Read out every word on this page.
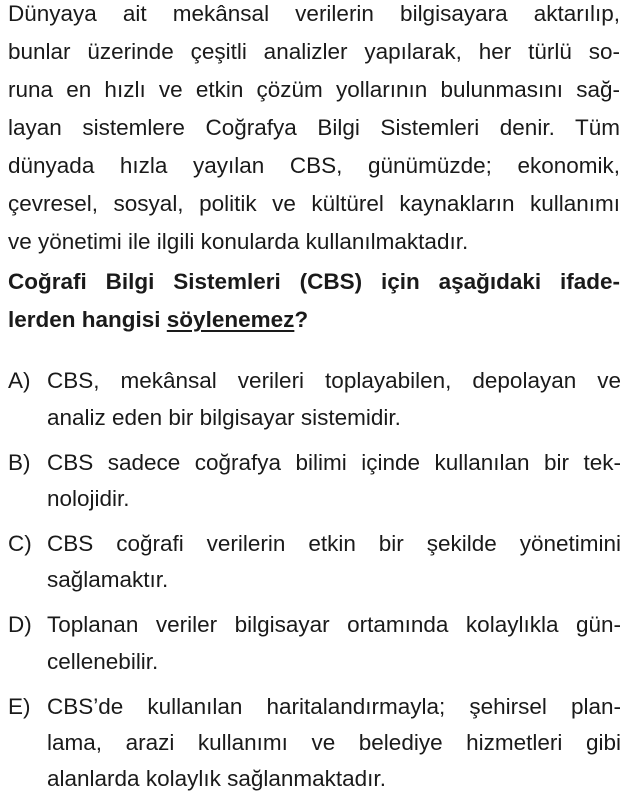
Dünyaya ait mekânsal verilerin bilgisayara aktarılıp,
bunlar üzerinde çeşitli analizler yapılarak, her türlü so-
runa en hızlı ve etkin çözüm yollarının bulunmasını sağ-
layan sistemlere Coğrafya Bilgi Sistemleri denir. Tüm
dünyada hızla yayılan CBS, günümüzde; ekonomik,
çevresel, sosyal, politik ve kültürel kaynakların kullanımı
ve yönetimi ile ilgili konularda kullanılmaktadır.
Coğrafi Bilgi Sistemleri (CBS) için aşağıdaki ifade-
lerden hangisi söylenemez?
A) CBS, mekânsal verileri toplayabilen, depolayan ve
analiz eden bir bilgisayar sistemidir.
B) CBS sadece coğrafya bilimi içinde kullanılan bir tek-
nolojidir.
C) CBS coğrafi verilerin etkin bir şekilde yönetimini
sağlamaktır.
D) Toplanan veriler bilgisayar ortamında kolaylıkla gün-
cellenebilir.
E) CBS’de kullanılan haritalandırmayla; şehirsel plan-
lama, arazi kullanımı ve belediye hizmetleri gibi
alanlarda kolaylık sağlanmaktadır.
